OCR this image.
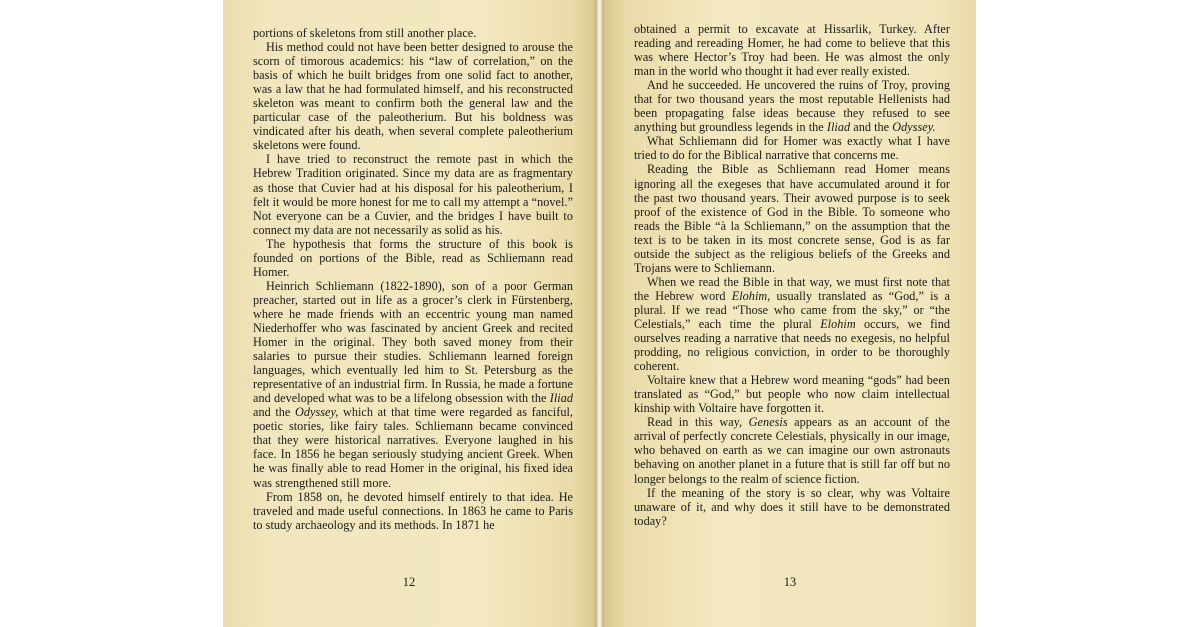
portions of skeletons from still another place.

His method could not have been better designed to arouse the scorn of timorous academics: his “law of correlation,” on the basis of which he built bridges from one solid fact to another, was a law that he had formulated himself, and his reconstructed skeleton was meant to confirm both the general law and the particular case of the paleotherium. But his boldness was vindicated after his death, when several complete paleotherium skeletons were found.

I have tried to reconstruct the remote past in which the Hebrew Tradition originated. Since my data are as fragmentary as those that Cuvier had at his disposal for his paleotherium, I felt it would be more honest for me to call my attempt a “novel.” Not everyone can be a Cuvier, and the bridges I have built to connect my data are not necessarily as solid as his.

The hypothesis that forms the structure of this book is founded on portions of the Bible, read as Schliemann read Homer.

Heinrich Schliemann (1822-1890), son of a poor German preacher, started out in life as a grocer’s clerk in Fürstenberg, where he made friends with an eccentric young man named Niederhoffer who was fascinated by ancient Greek and recited Homer in the original. They both saved money from their salaries to pursue their studies. Schliemann learned foreign languages, which eventually led him to St. Petersburg as the representative of an industrial firm. In Russia, he made a fortune and developed what was to be a lifelong obsession with the Iliad and the Odyssey, which at that time were regarded as fanciful, poetic stories, like fairy tales. Schliemann became convinced that they were historical narratives. Everyone laughed in his face. In 1856 he began seriously studying ancient Greek. When he was finally able to read Homer in the original, his fixed idea was strengthened still more.

From 1858 on, he devoted himself entirely to that idea. He traveled and made useful connections. In 1863 he came to Paris to study archaeology and its methods. In 1871 he

12

obtained a permit to excavate at Hissarlik, Turkey. After reading and rereading Homer, he had come to believe that this was where Hector’s Troy had been. He was almost the only man in the world who thought it had ever really existed.

And he succeeded. He uncovered the ruins of Troy, proving that for two thousand years the most reputable Hellenists had been propagating false ideas because they refused to see anything but groundless legends in the Iliad and the Odyssey.

What Schliemann did for Homer was exactly what I have tried to do for the Biblical narrative that concerns me.

Reading the Bible as Schliemann read Homer means ignoring all the exegeses that have accumulated around it for the past two thousand years. Their avowed purpose is to seek proof of the existence of God in the Bible. To someone who reads the Bible “à la Schliemann,” on the assumption that the text is to be taken in its most concrete sense, God is as far outside the subject as the religious beliefs of the Greeks and Trojans were to Schliemann.

When we read the Bible in that way, we must first note that the Hebrew word Elohim, usually translated as “God,” is a plural. If we read “Those who came from the sky,” or “the Celestials,” each time the plural Elohim occurs, we find ourselves reading a narrative that needs no exegesis, no helpful prodding, no religious conviction, in order to be thoroughly coherent.

Voltaire knew that a Hebrew word meaning “gods” had been translated as “God,” but people who now claim intellectual kinship with Voltaire have forgotten it.

Read in this way, Genesis appears as an account of the arrival of perfectly concrete Celestials, physically in our image, who behaved on earth as we can imagine our own astronauts behaving on another planet in a future that is still far off but no longer belongs to the realm of science fiction.

If the meaning of the story is so clear, why was Voltaire unaware of it, and why does it still have to be demonstrated today?

13
